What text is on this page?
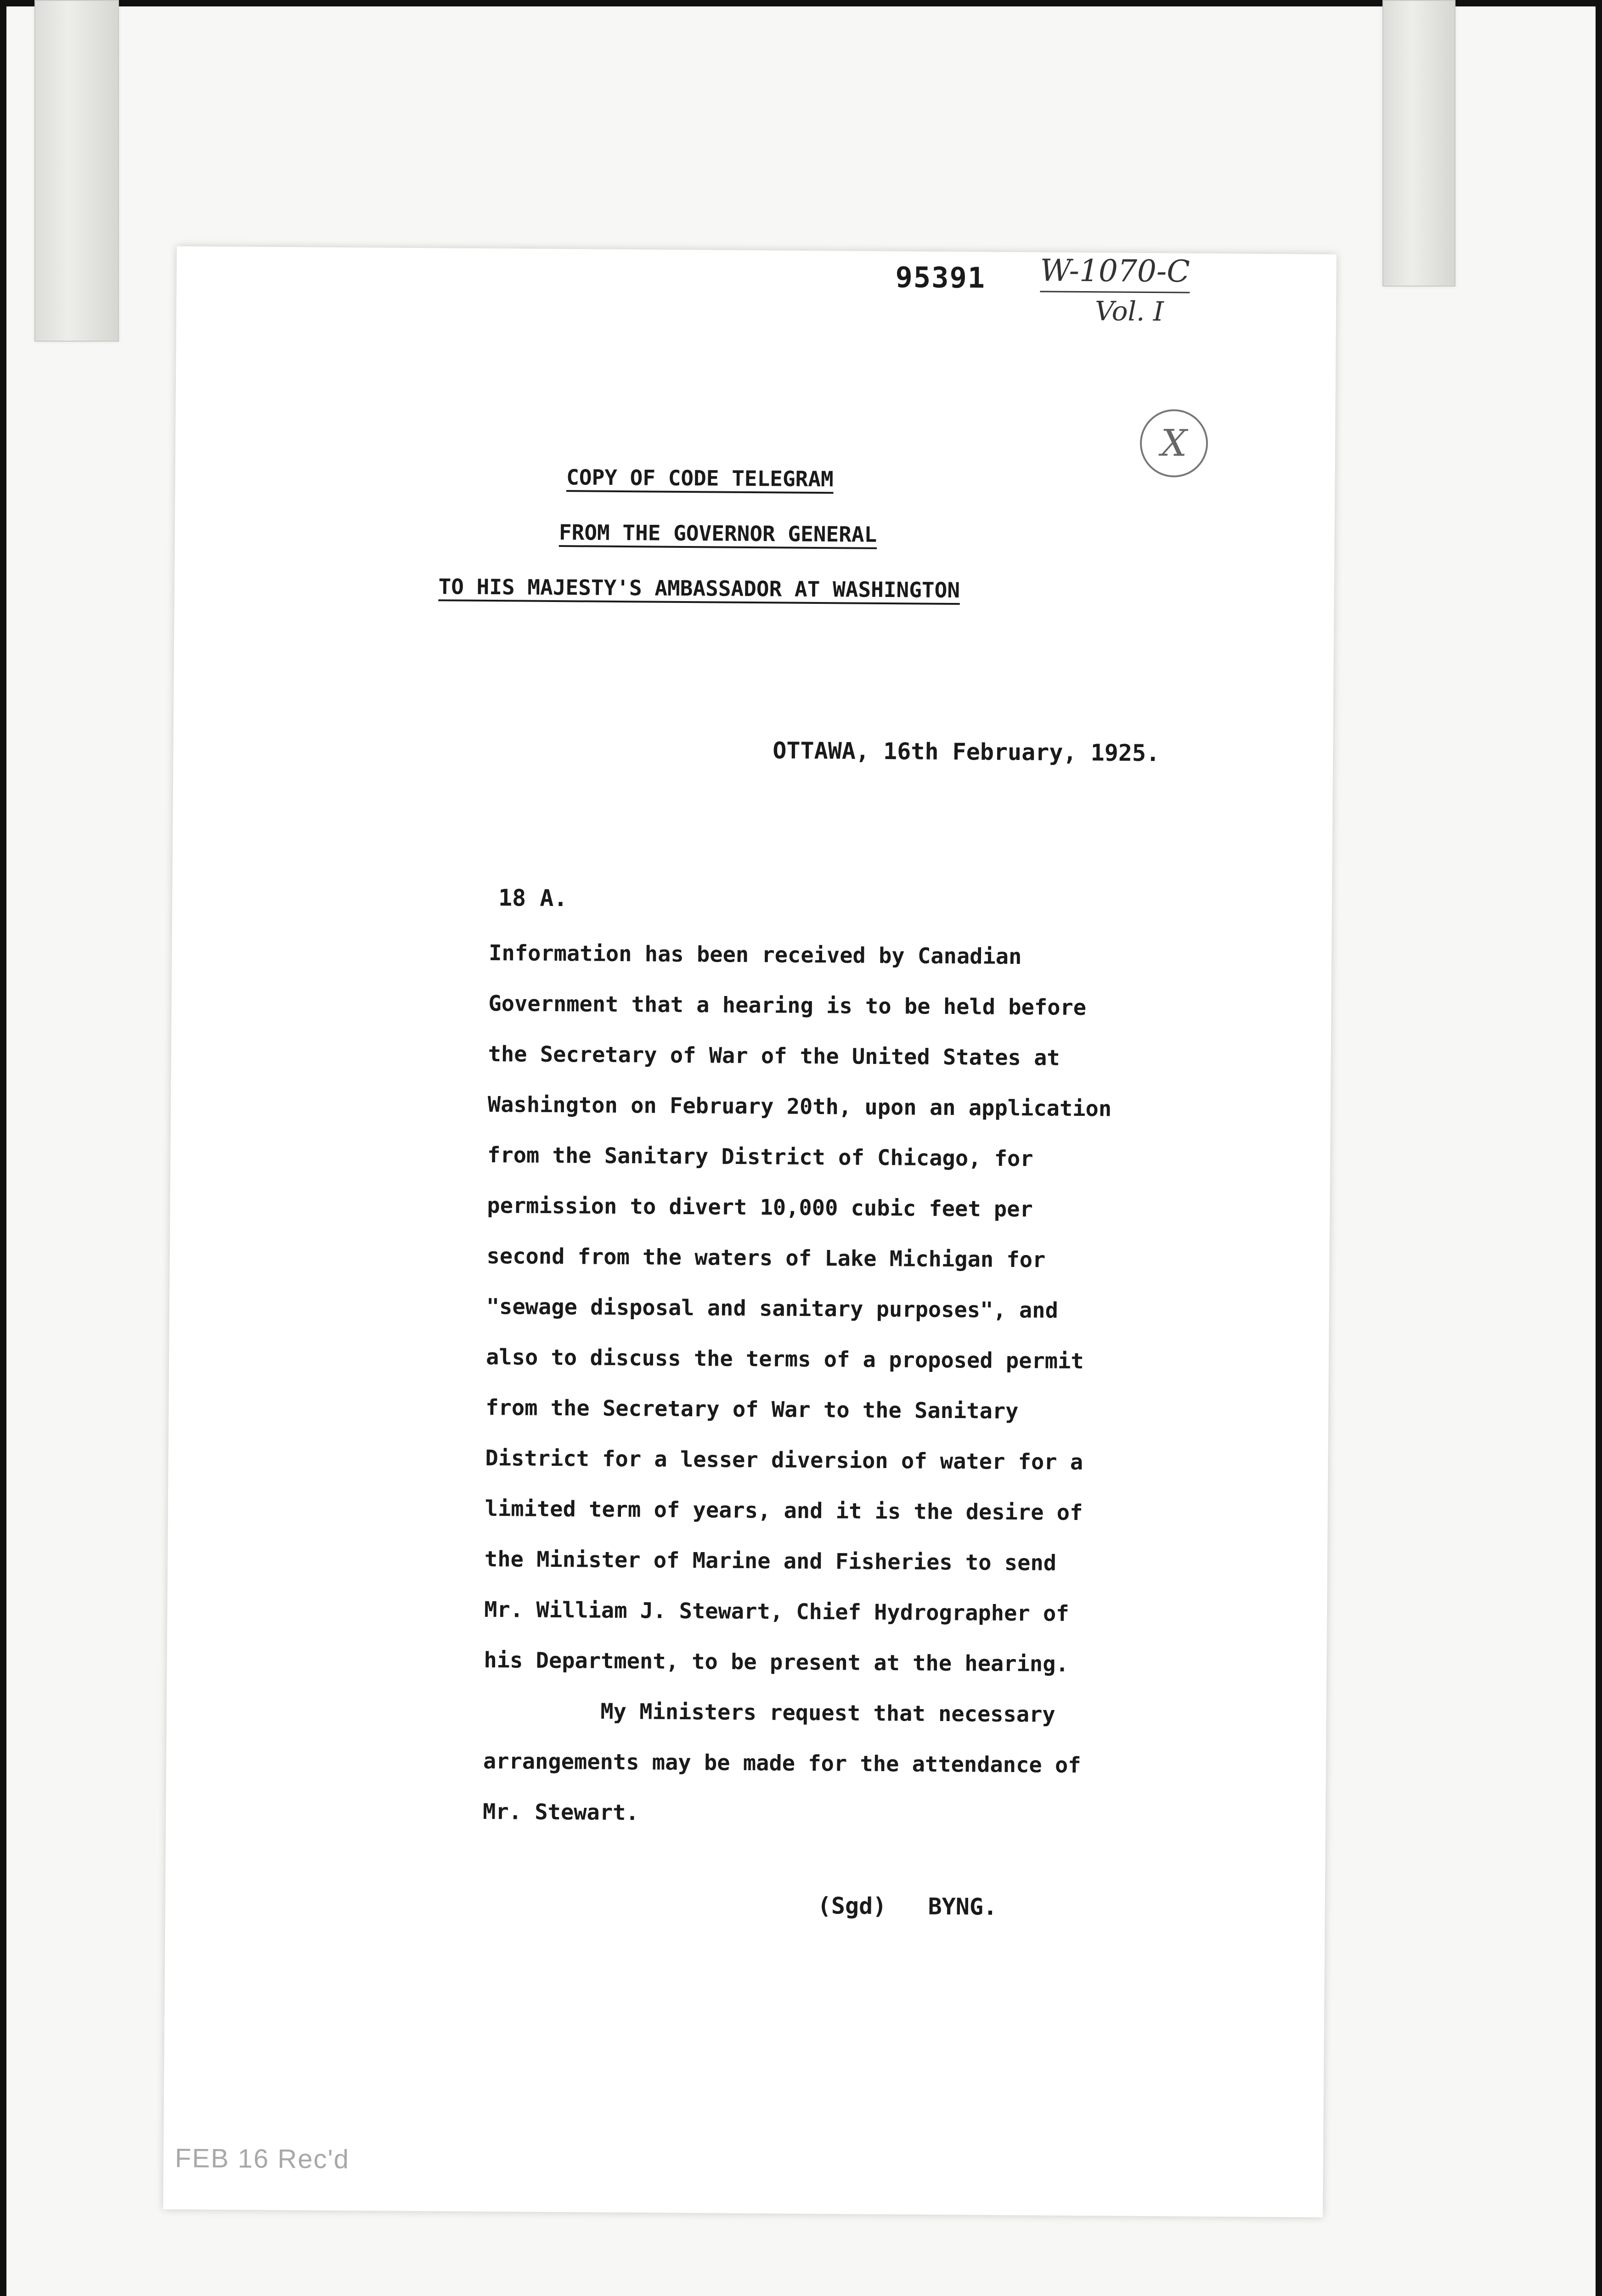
95391 W-1070-C
Vol. I
X
COPY OF CODE TELEGRAM
FROM THE GOVERNOR GENERAL
TO HIS MAJESTY'S AMBASSADOR AT WASHINGTON
OTTAWA, 16th February, 1925.
18 A.
Information has been received by Canadian
Government that a hearing is to be held before
the Secretary of War of the United States at
Washington on February 20th, upon an application
from the Sanitary District of Chicago, for
permission to divert 10,000 cubic feet per
second from the waters of Lake Michigan for
"sewage disposal and sanitary purposes", and
also to discuss the terms of a proposed permit
from the Secretary of War to the Sanitary
District for a lesser diversion of water for a
limited term of years, and it is the desire of
the Minister of Marine and Fisheries to send
Mr. William J. Stewart, Chief Hydrographer of
his Department, to be present at the hearing.
My Ministers request that necessary
arrangements may be made for the attendance of
Mr. Stewart.
(Sgd)   BYNG.
FEB 16 Rec'd
